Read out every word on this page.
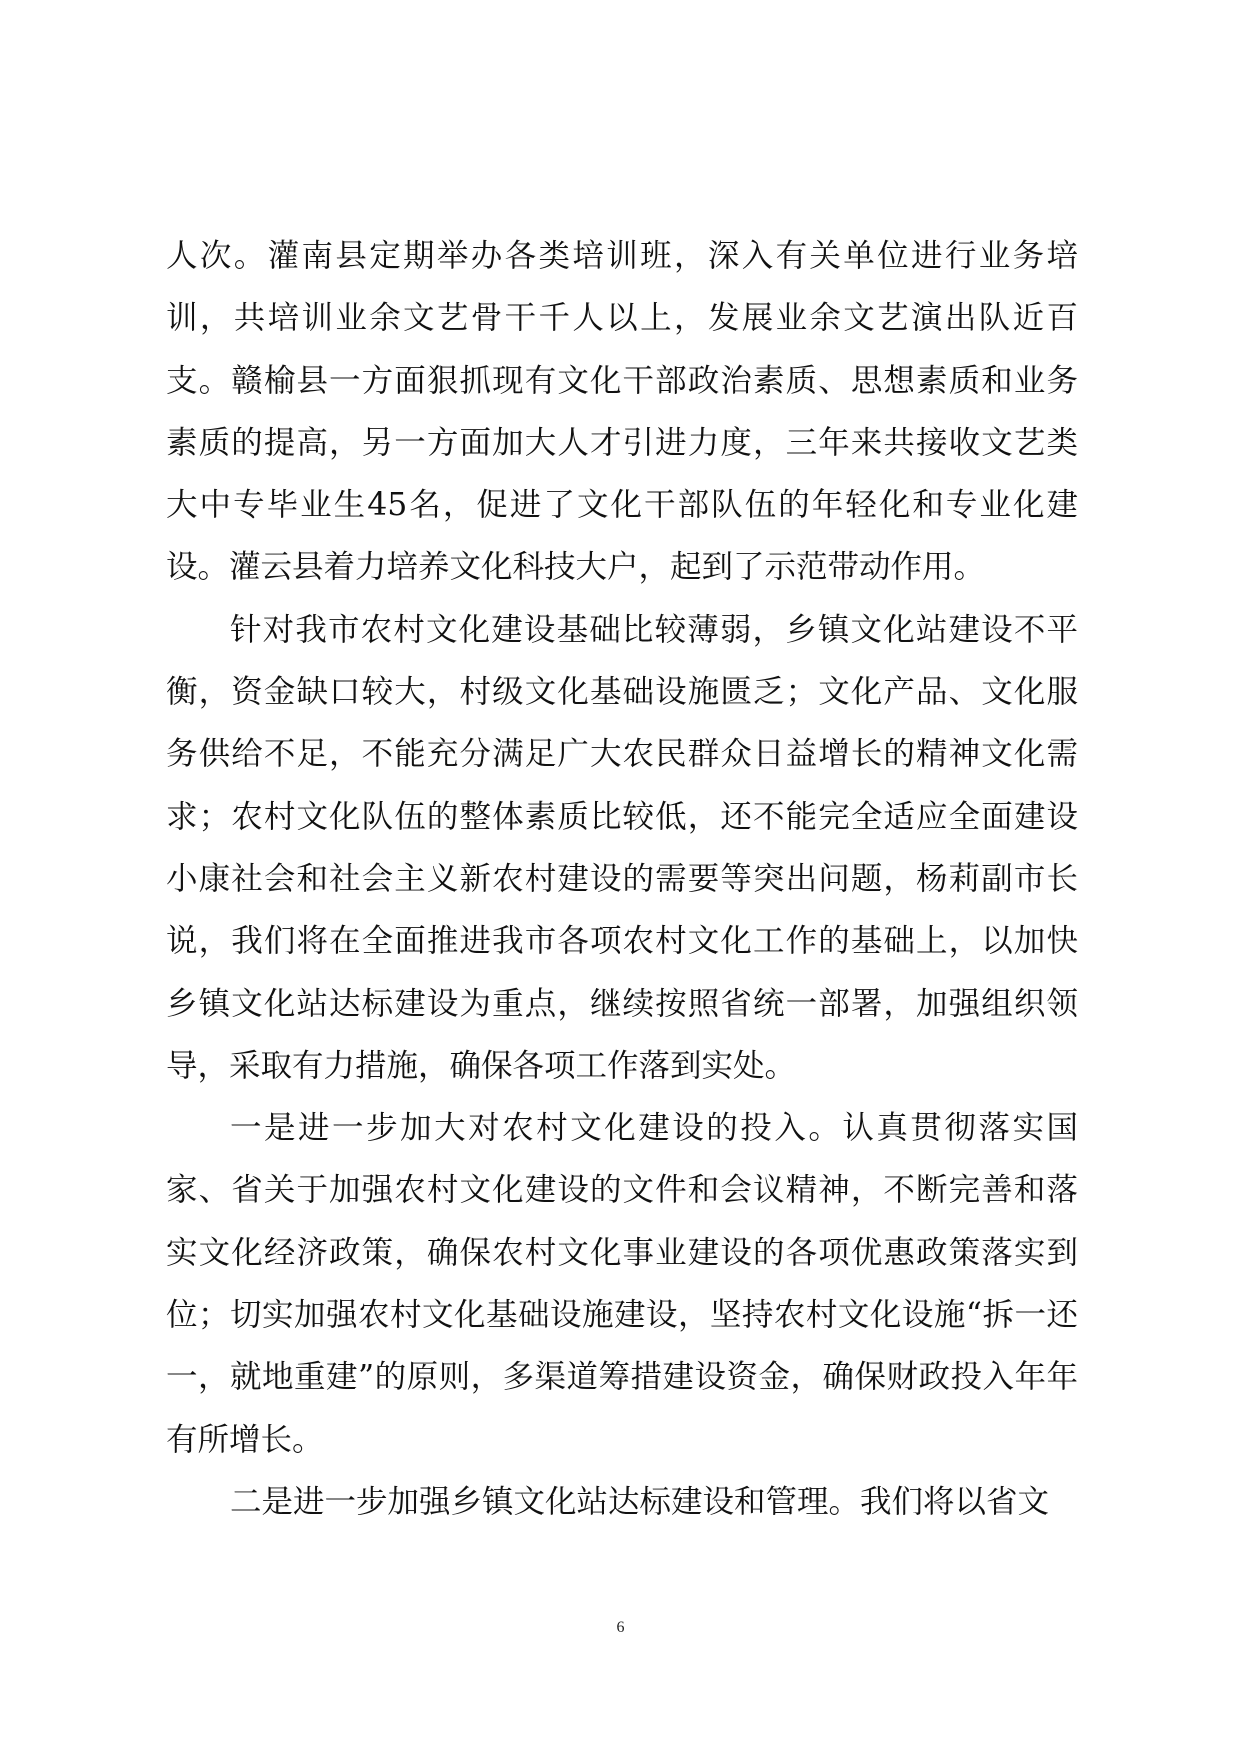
人次。灌南县定期举办各类培训班，深入有关单位进行业务培训，共培训业余文艺骨干千人以上，发展业余文艺演出队近百支。赣榆县一方面狠抓现有文化干部政治素质、思想素质和业务素质的提高，另一方面加大人才引进力度，三年来共接收文艺类大中专毕业生45名，促进了文化干部队伍的年轻化和专业化建设。灌云县着力培养文化科技大户，起到了示范带动作用。

针对我市农村文化建设基础比较薄弱，乡镇文化站建设不平衡，资金缺口较大，村级文化基础设施匮乏；文化产品、文化服务供给不足，不能充分满足广大农民群众日益增长的精神文化需求；农村文化队伍的整体素质比较低，还不能完全适应全面建设小康社会和社会主义新农村建设的需要等突出问题，杨莉副市长说，我们将在全面推进我市各项农村文化工作的基础上，以加快乡镇文化站达标建设为重点，继续按照省统一部署，加强组织领导，采取有力措施，确保各项工作落到实处。

一是进一步加大对农村文化建设的投入。认真贯彻落实国家、省关于加强农村文化建设的文件和会议精神，不断完善和落实文化经济政策，确保农村文化事业建设的各项优惠政策落实到位；切实加强农村文化基础设施建设，坚持农村文化设施“拆一还一，就地重建”的原则，多渠道筹措建设资金，确保财政投入年年有所增长。

二是进一步加强乡镇文化站达标建设和管理。我们将以省文

6
